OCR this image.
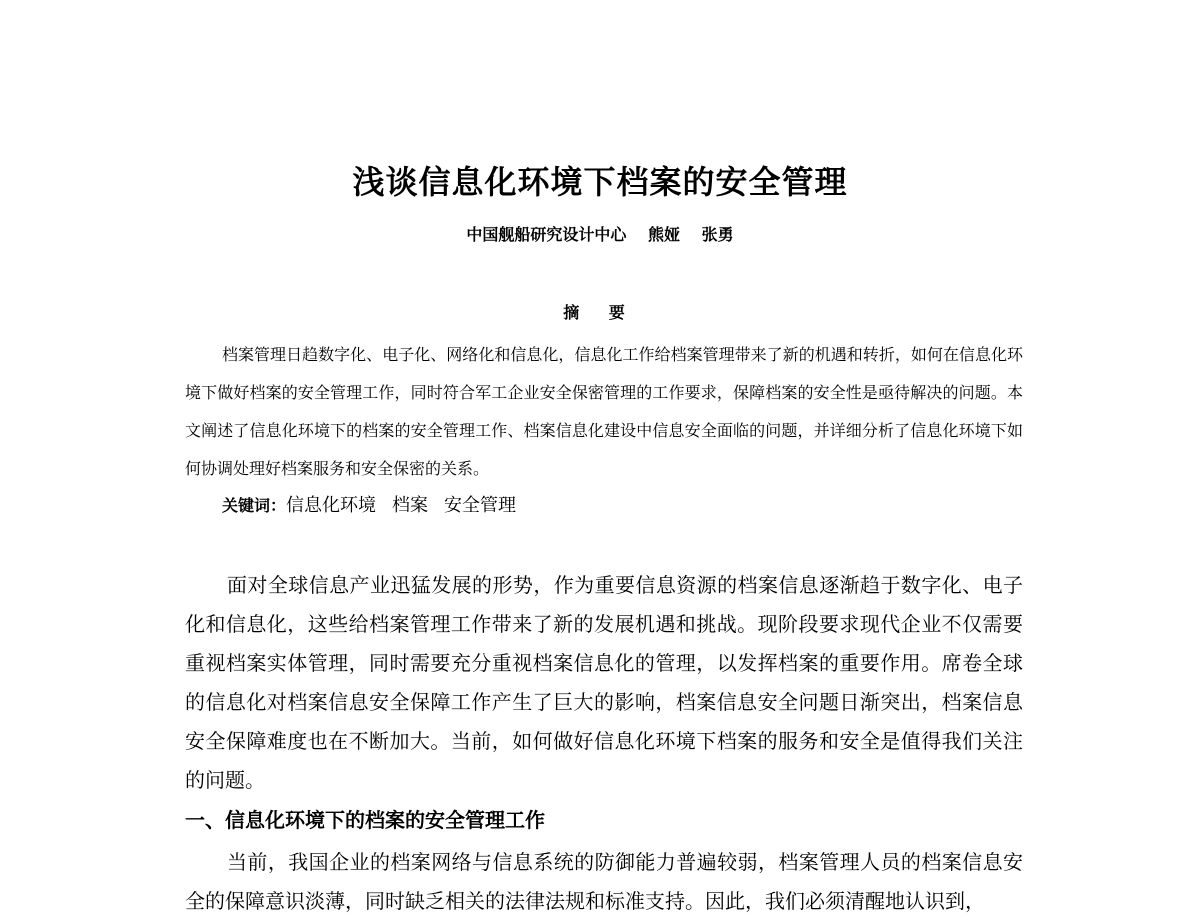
浅谈信息化环境下档案的安全管理
中国舰船研究设计中心 熊娅 张勇
摘 要
档案管理日趋数字化、电子化、网络化和信息化，信息化工作给档案管理带来了新的机遇和转折，如何在信息化环境下做好档案的安全管理工作，同时符合军工企业安全保密管理的工作要求，保障档案的安全性是亟待解决的问题。本文阐述了信息化环境下的档案的安全管理工作、档案信息化建设中信息安全面临的问题，并详细分析了信息化环境下如何协调处理好档案服务和安全保密的关系。
关键词：信息化环境 档案 安全管理
面对全球信息产业迅猛发展的形势，作为重要信息资源的档案信息逐渐趋于数字化、电子化和信息化，这些给档案管理工作带来了新的发展机遇和挑战。现阶段要求现代企业不仅需要重视档案实体管理，同时需要充分重视档案信息化的管理，以发挥档案的重要作用。席卷全球的信息化对档案信息安全保障工作产生了巨大的影响，档案信息安全问题日渐突出，档案信息安全保障难度也在不断加大。当前，如何做好信息化环境下档案的服务和安全是值得我们关注的问题。
一、信息化环境下的档案的安全管理工作
当前，我国企业的档案网络与信息系统的防御能力普遍较弱，档案管理人员的档案信息安全的保障意识淡薄，同时缺乏相关的法律法规和标准支持。因此，我们必须清醒地认识到，
